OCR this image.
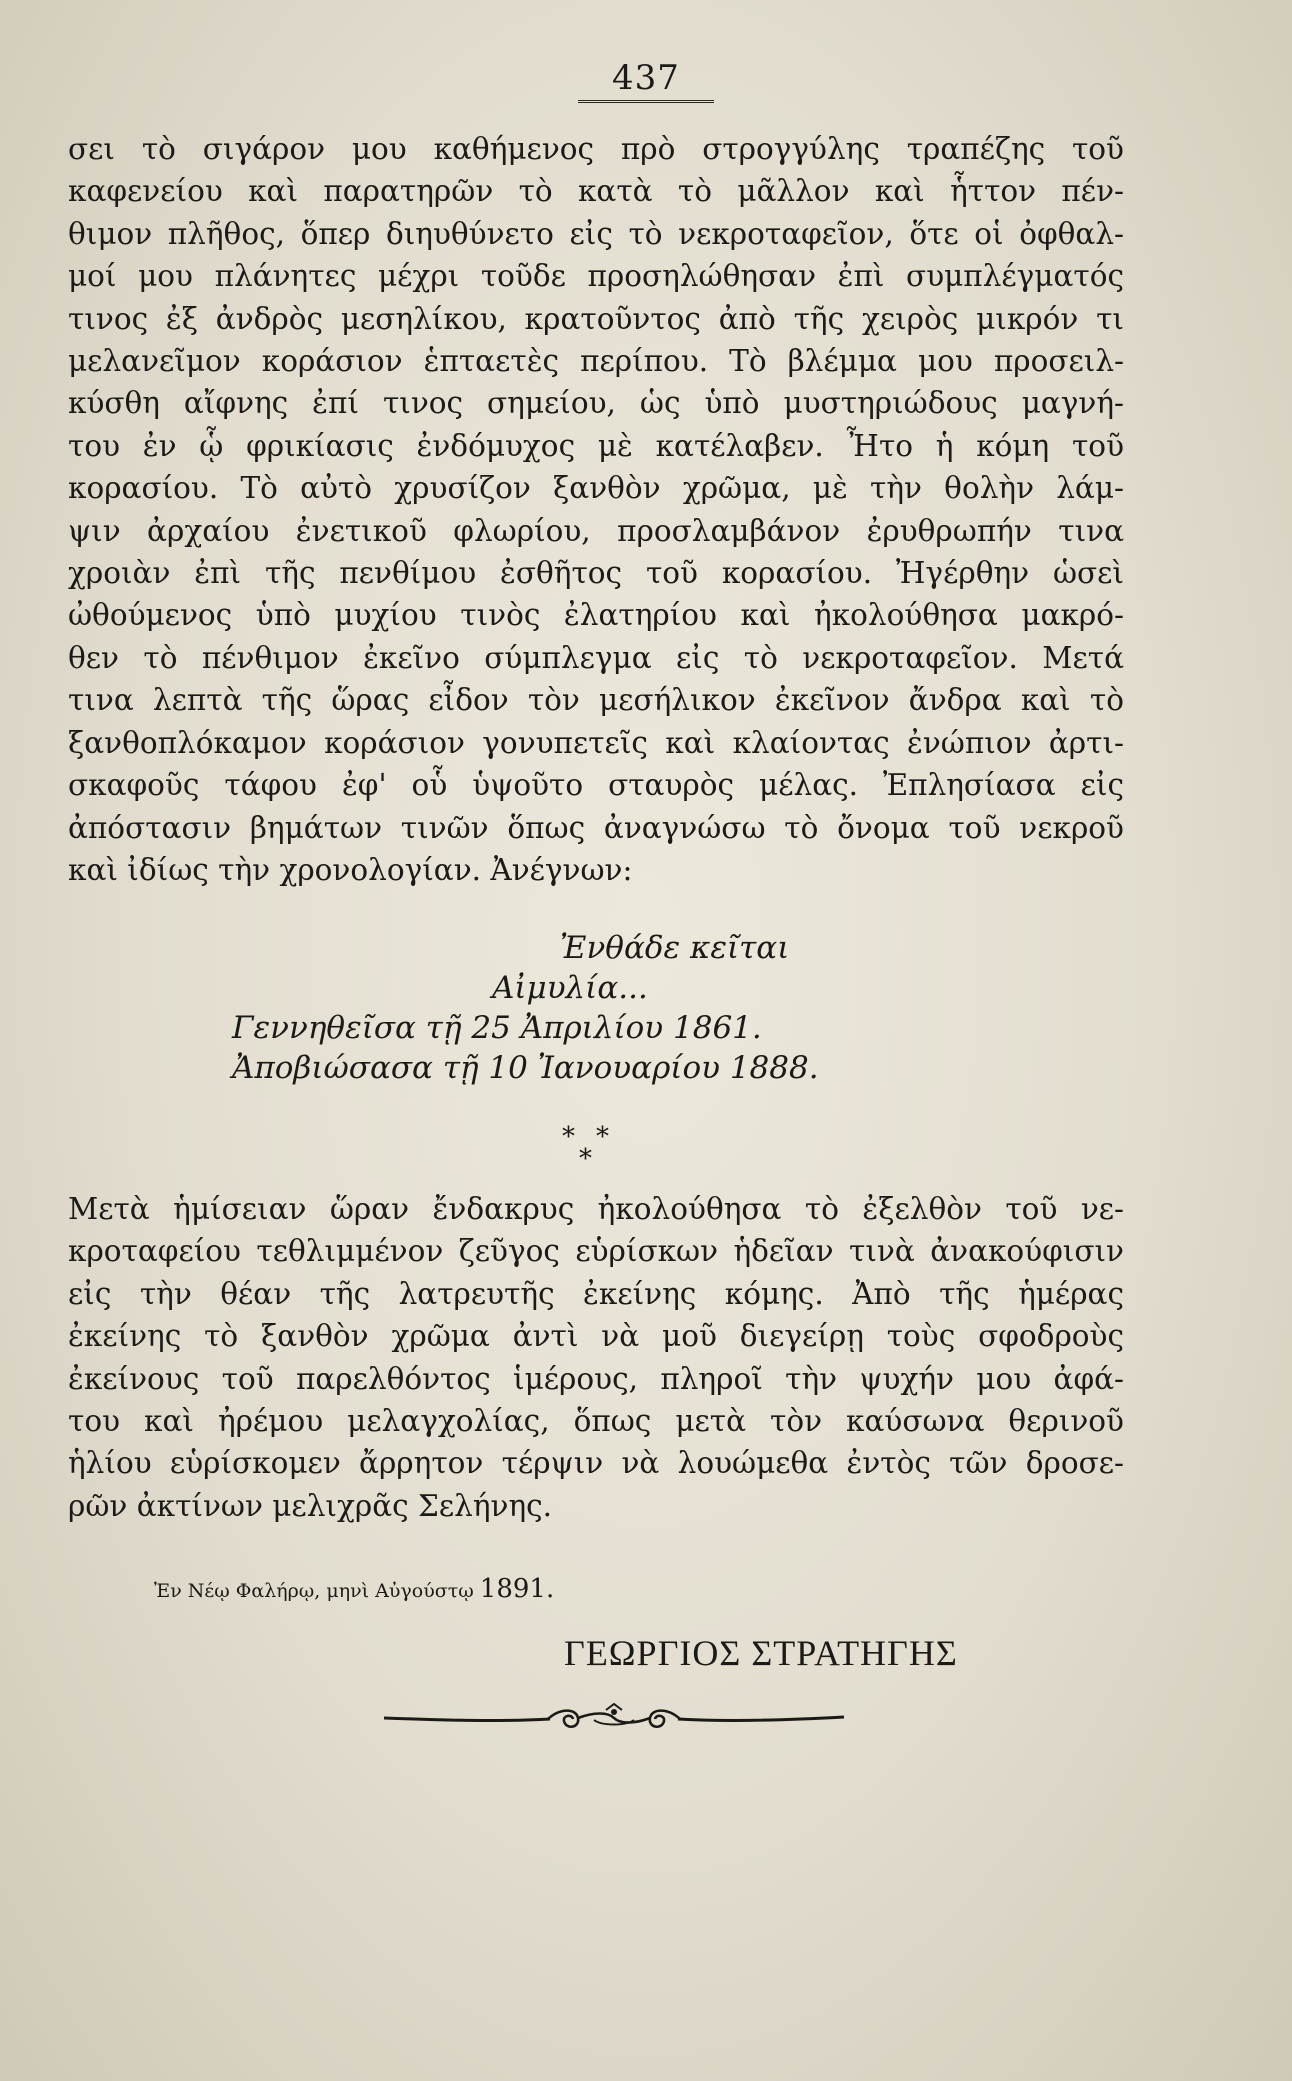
437
σει τὸ σιγάρον μου καθήμενος πρὸ στρογγύλης τραπέζης τοῦ
καφενείου καὶ παρατηρῶν τὸ κατὰ τὸ μᾶλλον καὶ ἧττον πέν-
θιμον πλῆθος, ὅπερ διηυθύνετο εἰς τὸ νεκροταφεῖον, ὅτε οἱ ὀφθαλ-
μοί μου πλάνητες μέχρι τοῦδε προσηλώθησαν ἐπὶ συμπλέγματός
τινος ἐξ ἀνδρὸς μεσηλίκου, κρατοῦντος ἀπὸ τῆς χειρὸς μικρόν τι
μελανεῖμον κοράσιον ἑπταετὲς περίπου. Τὸ βλέμμα μου προσειλ-
κύσθη αἴφνης ἐπί τινος σημείου, ὡς ὑπὸ μυστηριώδους μαγνή-
του ἐν ᾧ φρικίασις ἐνδόμυχος μὲ κατέλαβεν. Ἦτο ἡ κόμη τοῦ
κορασίου. Τὸ αὐτὸ χρυσίζον ξανθὸν χρῶμα, μὲ τὴν θολὴν λάμ-
ψιν ἀρχαίου ἐνετικοῦ φλωρίου, προσλαμβάνον ἐρυθρωπήν τινα
χροιὰν ἐπὶ τῆς πενθίμου ἐσθῆτος τοῦ κορασίου. Ἠγέρθην ὡσεὶ
ὠθούμενος ὑπὸ μυχίου τινὸς ἐλατηρίου καὶ ἠκολούθησα μακρό-
θεν τὸ πένθιμον ἐκεῖνο σύμπλεγμα εἰς τὸ νεκροταφεῖον. Μετά
τινα λεπτὰ τῆς ὥρας εἶδον τὸν μεσήλικον ἐκεῖνον ἄνδρα καὶ τὸ
ξανθοπλόκαμον κοράσιον γονυπετεῖς καὶ κλαίοντας ἐνώπιον ἀρτι-
σκαφοῦς τάφου ἐφ' οὗ ὑψοῦτο σταυρὸς μέλας. Ἐπλησίασα εἰς
ἀπόστασιν βημάτων τινῶν ὅπως ἀναγνώσω τὸ ὄνομα τοῦ νεκροῦ
καὶ ἰδίως τὴν χρονολογίαν. Ἀνέγνων:
Ἐνθάδε κεῖται
Αἰμυλία...
Γεννηθεῖσα τῇ 25 Ἀπριλίου 1861.
Ἀποβιώσασα τῇ 10 Ἰανουαρίου 1888.
* *
*
Μετὰ ἡμίσειαν ὥραν ἔνδακρυς ἠκολούθησα τὸ ἐξελθὸν τοῦ νε-
κροταφείου τεθλιμμένον ζεῦγος εὑρίσκων ἡδεῖαν τινὰ ἀνακούφισιν
εἰς τὴν θέαν τῆς λατρευτῆς ἐκείνης κόμης. Ἀπὸ τῆς ἡμέρας
ἐκείνης τὸ ξανθὸν χρῶμα ἀντὶ νὰ μοῦ διεγείρῃ τοὺς σφοδροὺς
ἐκείνους τοῦ παρελθόντος ἱμέρους, πληροῖ τὴν ψυχήν μου ἀφά-
του καὶ ἠρέμου μελαγχολίας, ὅπως μετὰ τὸν καύσωνα θερινοῦ
ἡλίου εὑρίσκομεν ἄρρητον τέρψιν νὰ λουώμεθα ἐντὸς τῶν δροσε-
ρῶν ἀκτίνων μελιχρᾶς Σελήνης.
Ἐν Νέῳ Φαλήρῳ, μηνὶ Αὐγούστῳ 1891.
ΓΕΩΡΓΙΟΣ ΣΤΡΑΤΗΓΗΣ
